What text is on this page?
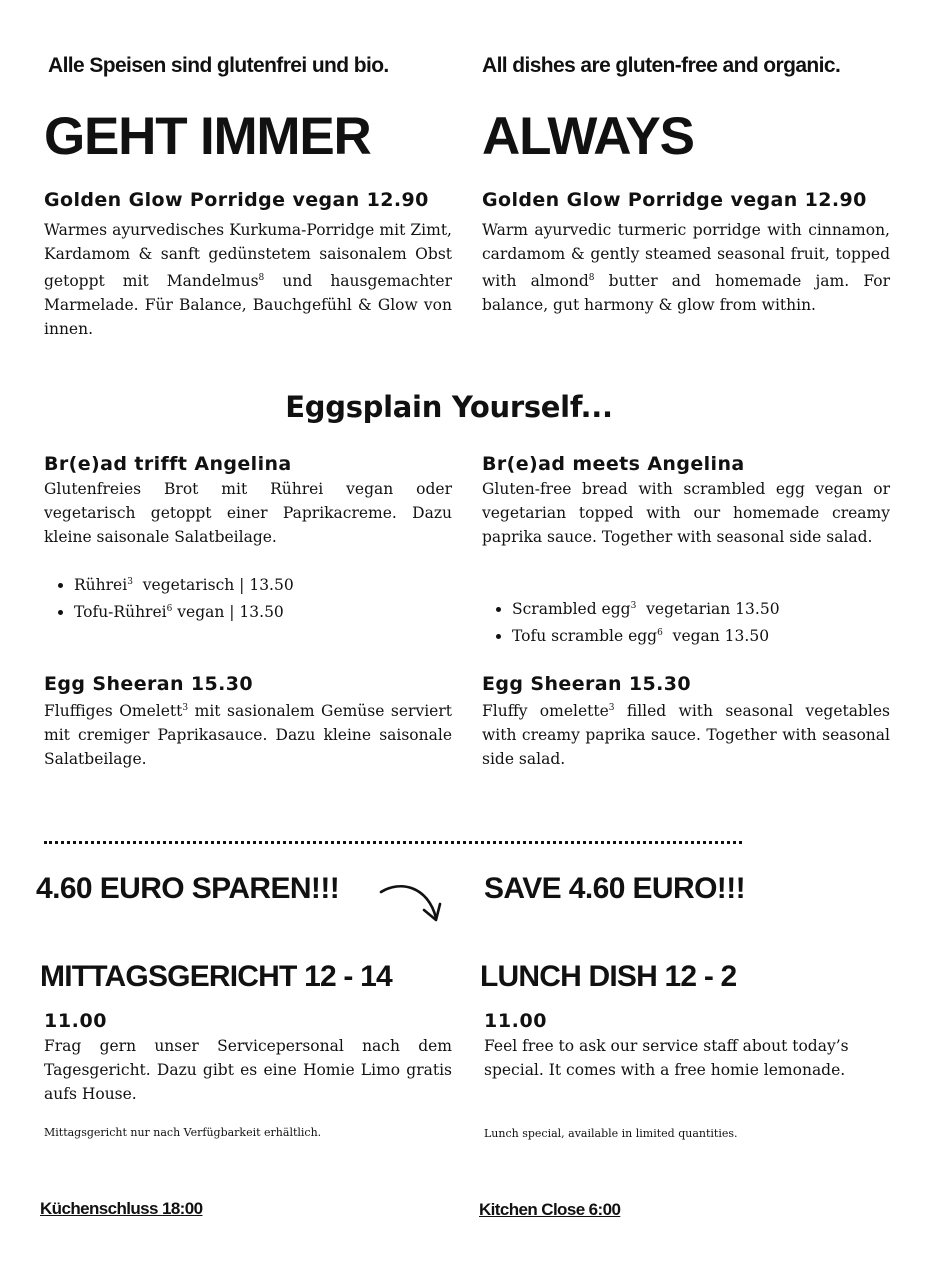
Alle Speisen sind glutenfrei und bio.	All dishes are gluten-free and organic.
GEHT IMMER ALWAYS
Golden Glow Porridge vegan 12.90	Golden Glow Porridge vegan 12.90

Warmes ayurvedisches Kurkuma-Porridge mit Zimt, Kardamom & sanft gedünstetem saisonalem Obst getoppt mit Mandelmus$^8$ und hausgemachter Marmelade. Für Balance, Bauchgefühl & Glow von innen.

Warm ayurvedic turmeric porridge with cinnamon, cardamom & gently steamed seasonal fruit, topped with almond$^8$ butter and homemade jam. For balance, gut harmony & glow from within.

Eggsplain Yourself...
Br(e)ad trifft Angelina

Glutenfreies Brot mit Rührei vegan oder vegetarisch getoppt einer Paprikacreme. Dazu kleine saisonale Salatbeilage.

• Rührei$^3$  vegetarisch | 13.50
• Tofu-Rührei$^6$ vegan | 13.50
Br(e)ad meets Angelina

Gluten-free bread with scrambled egg vegan or vegetarian topped with our homemade creamy paprika sauce. Together with seasonal side salad.

• Scrambled egg$^3$  vegetarian 13.50
• Tofu scramble egg$^6$  vegan 13.50
Egg Sheeran 15.30

Fluffiges Omelett$^3$ mit sasionalem Gemüse serviert mit cremiger Paprikasauce. Dazu kleine saisonale Salatbeilage.

Egg Sheeran 15.30

Fluffy omelette$^3$ filled with seasonal vegetables with creamy paprika sauce. Together with seasonal side salad.

4.60 EURO SPAREN!!!	SAVE 4.60 EURO!!!
MITTAGSGERICHT 12 - 14	LUNCH DISH 12 - 2
11.00	11.00

Frag gern unser Servicepersonal nach dem Tagesgericht. Dazu gibt es eine Homie Limo gratis aufs House.

Feel free to ask our service staff about today’s special. It comes with a free homie lemonade.

Mittagsgericht nur nach Verfügbarkeit erhältlich.	Lunch special, available in limited quantities.
Küchenschluss 18:00	Kitchen Close 6:00
